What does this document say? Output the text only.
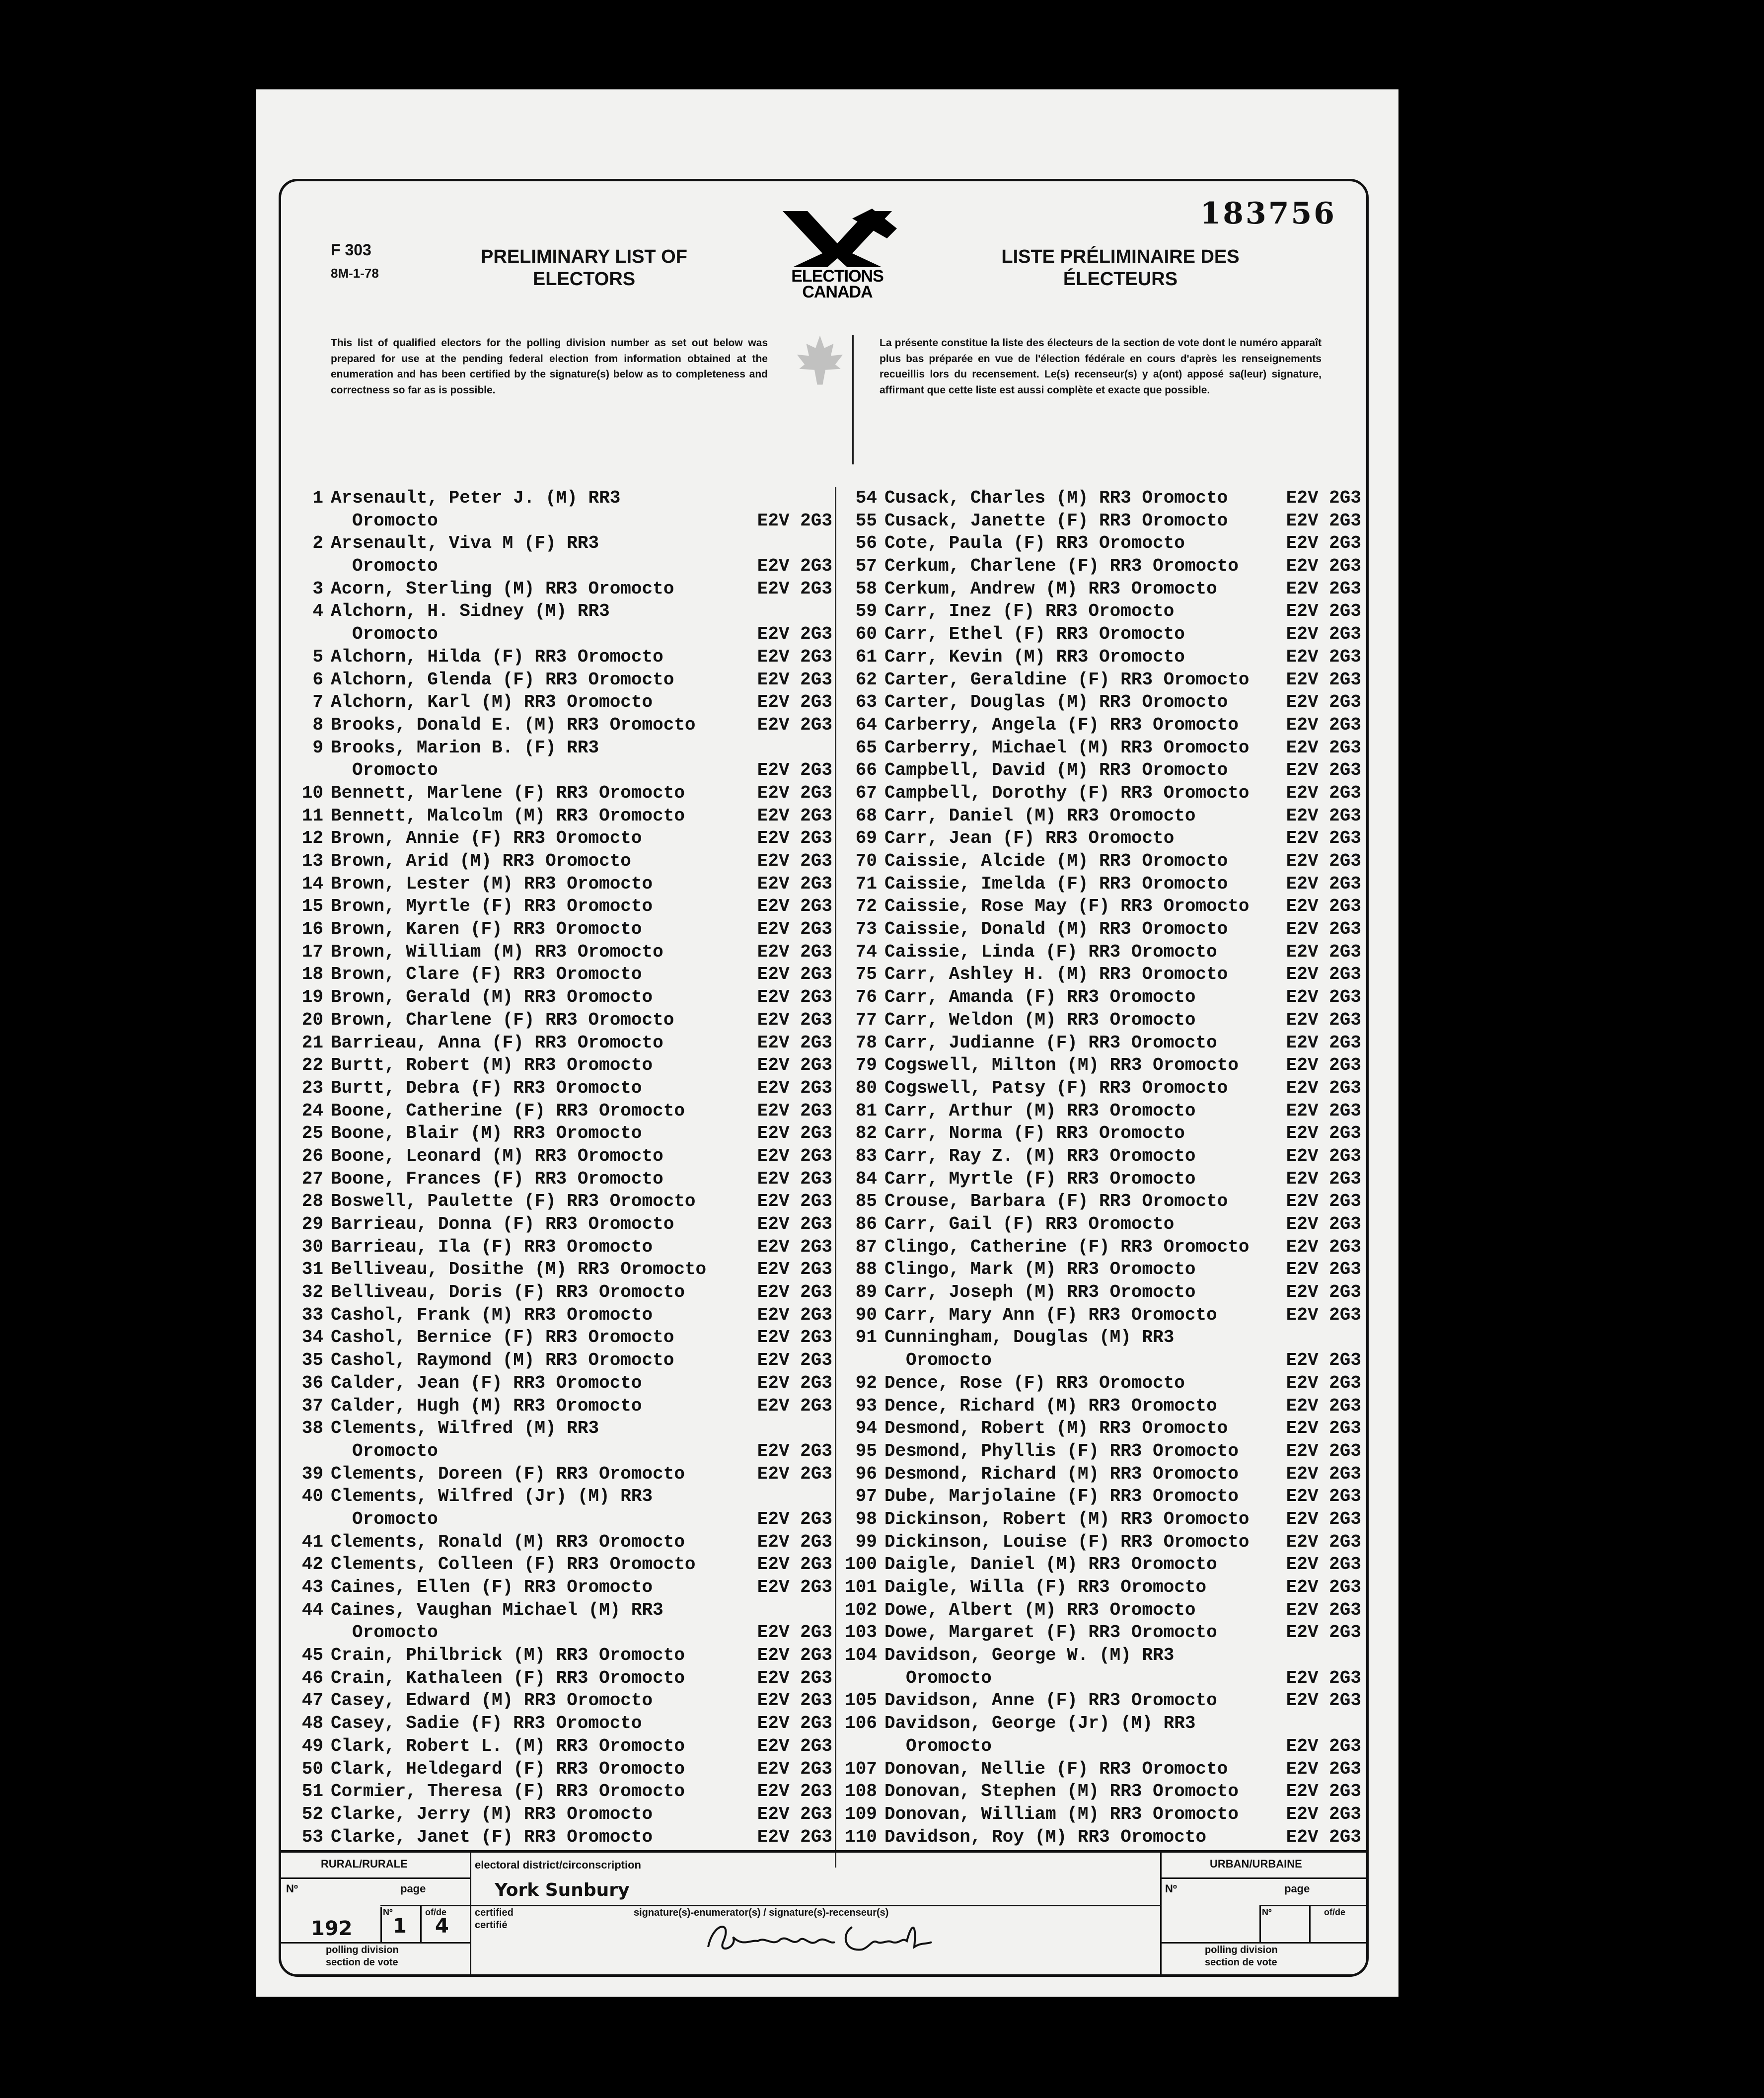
183756
F 303
8M-1-78
PRELIMINARY LIST OF
ELECTORS	ELECTIONS
CANADA
LISTE PRÉLIMINAIRE DES
ÉLECTEURS
This list of qualified electors for the polling division number as set out below was prepared for use at the pending federal election from information obtained at the enumeration and has been certified by the signature(s) below as to completeness and correctness so far as is possible.
La présente constitue la liste des électeurs de la section de vote dont le numéro apparaît plus bas préparée en vue de l'élection fédérale en cours d'après les renseignements recueillis lors du recensement. Le(s) recenseur(s) y a(ont) apposé sa(leur) signature, affirmant que cette liste est aussi complète et exacte que possible.
1 Arsenault, Peter J. (M) RR3
Oromocto	E2V 2G3
2 Arsenault, Viva M (F) RR3
Oromocto	E2V 2G3
3 Acorn, Sterling (M) RR3 Oromocto	E2V 2G3
4 Alchorn, H. Sidney (M) RR3
Oromocto	E2V 2G3
5 Alchorn, Hilda (F) RR3 Oromocto	E2V 2G3
6 Alchorn, Glenda (F) RR3 Oromocto	E2V 2G3
7 Alchorn, Karl (M) RR3 Oromocto	E2V 2G3
8 Brooks, Donald E. (M) RR3 Oromocto	E2V 2G3
9 Brooks, Marion B. (F) RR3
Oromocto	E2V 2G3
10 Bennett, Marlene (F) RR3 Oromocto	E2V 2G3
11 Bennett, Malcolm (M) RR3 Oromocto	E2V 2G3
12 Brown, Annie (F) RR3 Oromocto	E2V 2G3
13 Brown, Arid (M) RR3 Oromocto	E2V 2G3
14 Brown, Lester (M) RR3 Oromocto	E2V 2G3
15 Brown, Myrtle (F) RR3 Oromocto	E2V 2G3
16 Brown, Karen (F) RR3 Oromocto	E2V 2G3
17 Brown, William (M) RR3 Oromocto	E2V 2G3
18 Brown, Clare (F) RR3 Oromocto	E2V 2G3
19 Brown, Gerald (M) RR3 Oromocto	E2V 2G3
20 Brown, Charlene (F) RR3 Oromocto	E2V 2G3
21 Barrieau, Anna (F) RR3 Oromocto	E2V 2G3
22 Burtt, Robert (M) RR3 Oromocto	E2V 2G3
23 Burtt, Debra (F) RR3 Oromocto	E2V 2G3
24 Boone, Catherine (F) RR3 Oromocto	E2V 2G3
25 Boone, Blair (M) RR3 Oromocto	E2V 2G3
26 Boone, Leonard (M) RR3 Oromocto	E2V 2G3
27 Boone, Frances (F) RR3 Oromocto	E2V 2G3
28 Boswell, Paulette (F) RR3 Oromocto	E2V 2G3
29 Barrieau, Donna (F) RR3 Oromocto	E2V 2G3
30 Barrieau, Ila (F) RR3 Oromocto	E2V 2G3
31 Belliveau, Dosithe (M) RR3 Oromocto	E2V 2G3
32 Belliveau, Doris (F) RR3 Oromocto	E2V 2G3
33 Cashol, Frank (M) RR3 Oromocto	E2V 2G3
34 Cashol, Bernice (F) RR3 Oromocto	E2V 2G3
35 Cashol, Raymond (M) RR3 Oromocto	E2V 2G3
36 Calder, Jean (F) RR3 Oromocto	E2V 2G3
37 Calder, Hugh (M) RR3 Oromocto	E2V 2G3
38 Clements, Wilfred (M) RR3
Oromocto	E2V 2G3
39 Clements, Doreen (F) RR3 Oromocto	E2V 2G3
40 Clements, Wilfred (Jr) (M) RR3
Oromocto	E2V 2G3
41 Clements, Ronald (M) RR3 Oromocto	E2V 2G3
42 Clements, Colleen (F) RR3 Oromocto	E2V 2G3
43 Caines, Ellen (F) RR3 Oromocto	E2V 2G3
44 Caines, Vaughan Michael (M) RR3
Oromocto	E2V 2G3
45 Crain, Philbrick (M) RR3 Oromocto	E2V 2G3
46 Crain, Kathaleen (F) RR3 Oromocto	E2V 2G3
47 Casey, Edward (M) RR3 Oromocto	E2V 2G3
48 Casey, Sadie (F) RR3 Oromocto	E2V 2G3
49 Clark, Robert L. (M) RR3 Oromocto	E2V 2G3
50 Clark, Heldegard (F) RR3 Oromocto	E2V 2G3
51 Cormier, Theresa (F) RR3 Oromocto	E2V 2G3
52 Clarke, Jerry (M) RR3 Oromocto	E2V 2G3
53 Clarke, Janet (F) RR3 Oromocto	E2V 2G3
54 Cusack, Charles (M) RR3 Oromocto	E2V 2G3
55 Cusack, Janette (F) RR3 Oromocto	E2V 2G3
56 Cote, Paula (F) RR3 Oromocto	E2V 2G3
57 Cerkum, Charlene (F) RR3 Oromocto	E2V 2G3
58 Cerkum, Andrew (M) RR3 Oromocto	E2V 2G3
59 Carr, Inez (F) RR3 Oromocto	E2V 2G3
60 Carr, Ethel (F) RR3 Oromocto	E2V 2G3
61 Carr, Kevin (M) RR3 Oromocto	E2V 2G3
62 Carter, Geraldine (F) RR3 Oromocto E2V 2G3
63 Carter, Douglas (M) RR3 Oromocto	E2V 2G3
64 Carberry, Angela (F) RR3 Oromocto	E2V 2G3
65 Carberry, Michael (M) RR3 Oromocto E2V 2G3
66 Campbell, David (M) RR3 Oromocto	E2V 2G3
67 Campbell, Dorothy (F) RR3 Oromocto E2V 2G3
68 Carr, Daniel (M) RR3 Oromocto	E2V 2G3
69 Carr, Jean (F) RR3 Oromocto	E2V 2G3
70 Caissie, Alcide (M) RR3 Oromocto	E2V 2G3
71 Caissie, Imelda (F) RR3 Oromocto	E2V 2G3
72 Caissie, Rose May (F) RR3 Oromocto E2V 2G3
73 Caissie, Donald (M) RR3 Oromocto	E2V 2G3
74 Caissie, Linda (F) RR3 Oromocto	E2V 2G3
75 Carr, Ashley H. (M) RR3 Oromocto	E2V 2G3
76 Carr, Amanda (F) RR3 Oromocto	E2V 2G3
77 Carr, Weldon (M) RR3 Oromocto	E2V 2G3
78 Carr, Judianne (F) RR3 Oromocto	E2V 2G3
79 Cogswell, Milton (M) RR3 Oromocto	E2V 2G3
80 Cogswell, Patsy (F) RR3 Oromocto	E2V 2G3
81 Carr, Arthur (M) RR3 Oromocto	E2V 2G3
82 Carr, Norma (F) RR3 Oromocto	E2V 2G3
83 Carr, Ray Z. (M) RR3 Oromocto	E2V 2G3
84 Carr, Myrtle (F) RR3 Oromocto	E2V 2G3
85 Crouse, Barbara (F) RR3 Oromocto	E2V 2G3
86 Carr, Gail (F) RR3 Oromocto	E2V 2G3
87 Clingo, Catherine (F) RR3 Oromocto E2V 2G3
88 Clingo, Mark (M) RR3 Oromocto	E2V 2G3
89 Carr, Joseph (M) RR3 Oromocto	E2V 2G3
90 Carr, Mary Ann (F) RR3 Oromocto	E2V 2G3
91 Cunningham, Douglas (M) RR3
Oromocto	E2V 2G3
92 Dence, Rose (F) RR3 Oromocto	E2V 2G3
93 Dence, Richard (M) RR3 Oromocto	E2V 2G3
94 Desmond, Robert (M) RR3 Oromocto	E2V 2G3
95 Desmond, Phyllis (F) RR3 Oromocto	E2V 2G3
96 Desmond, Richard (M) RR3 Oromocto	E2V 2G3
97 Dube, Marjolaine (F) RR3 Oromocto	E2V 2G3
98 Dickinson, Robert (M) RR3 Oromocto E2V 2G3
99 Dickinson, Louise (F) RR3 Oromocto E2V 2G3
100 Daigle, Daniel (M) RR3 Oromocto	E2V 2G3
101 Daigle, Willa (F) RR3 Oromocto	E2V 2G3
102 Dowe, Albert (M) RR3 Oromocto	E2V 2G3
103 Dowe, Margaret (F) RR3 Oromocto	E2V 2G3
104 Davidson, George W. (M) RR3
Oromocto	E2V 2G3
105 Davidson, Anne (F) RR3 Oromocto	E2V 2G3
106 Davidson, George (Jr) (M) RR3
Oromocto	E2V 2G3
107 Donovan, Nellie (F) RR3 Oromocto	E2V 2G3
108 Donovan, Stephen (M) RR3 Oromocto	E2V 2G3
109 Donovan, William (M) RR3 Oromocto	E2V 2G3
110 Davidson, Roy (M) RR3 Oromocto	E2V 2G3
RURAL/RURALE
Nº	page
Nº	of/de
192 1 4
polling division
section de vote
electoral district/circonscription
York Sunbury
certified
certifié
signature(s)-enumerator(s) / signature(s)-recenseur(s)
URBAN/URBAINE
Nº	page
Nº	of/de
polling division
section de vote
